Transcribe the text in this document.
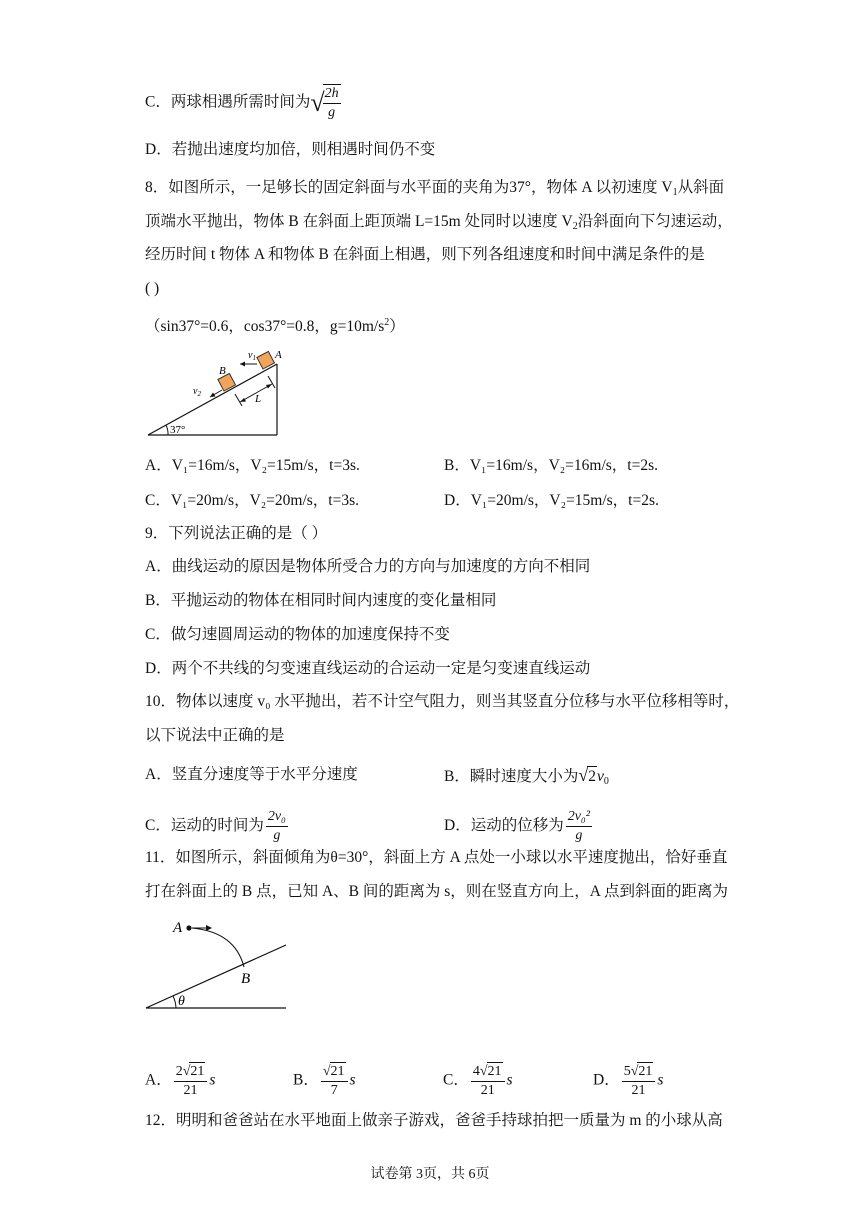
C．两球相遇所需时间为√
$\frac{2h}{g}$
D．若抛出速度均加倍，则相遇时间仍不变
8．如图所示，一足够长的固定斜面与水平面的夹角为37°，物体 A 以初速度 $V_1$从斜面
顶端水平抛出，物体 B 在斜面上距顶端 L=15m 处同时以速度 $V_2$沿斜面向下匀速运动，
经历时间 t 物体 A 和物体 B 在斜面上相遇，则下列各组速度和时间中满足条件的是
( )
（sin37°=0.6，cos37°=0.8，$g=10m/s^2$）
$v_1$ A
B
$v_2$	L
37°
A．V₁=16m/s，V₂=15m/s，t=3s.	B．V₁=16m/s，V₂=16m/s，t=2s.
C．V₁=20m/s，V₂=20m/s，t=3s.	D．V₁=20m/s，V₂=15m/s，t=2s.
9．下列说法正确的是（ ）
A．曲线运动的原因是物体所受合力的方向与加速度的方向不相同
B．平抛运动的物体在相同时间内速度的变化量相同
C．做匀速圆周运动的物体的加速度保持不变
D．两个不共线的匀变速直线运动的合运动一定是匀变速直线运动
10．物体以速度 v₀ 水平抛出，若不计空气阻力，则当其竖直分位移与水平位移相等时，
以下说法中正确的是
A．竖直分速度等于水平分速度	B．瞬时速度大小为$√2v_0$
C．运动的时间为 $\frac{\text{2v₀}}{g}$	D．运动的位移为 $\frac{\text{2v₀²}}{g}$
11．如图所示，斜面倾角为θ=30°，斜面上方 A 点处一小球以水平速度抛出，恰好垂直
打在斜面上的 B 点，已知 A、B 间的距离为 s，则在竖直方向上，A 点到斜面的距离为
A
B
θ
A． $\frac{2√21}{21}$ s	B． $\frac{√21}{7}$ s	C． $\frac{4√21}{21}$ s	D． $\frac{5√21}{21}$ s
12．明明和爸爸站在水平地面上做亲子游戏，爸爸手持球拍把一质量为 m 的小球从高
试卷第 3页，共 6页
